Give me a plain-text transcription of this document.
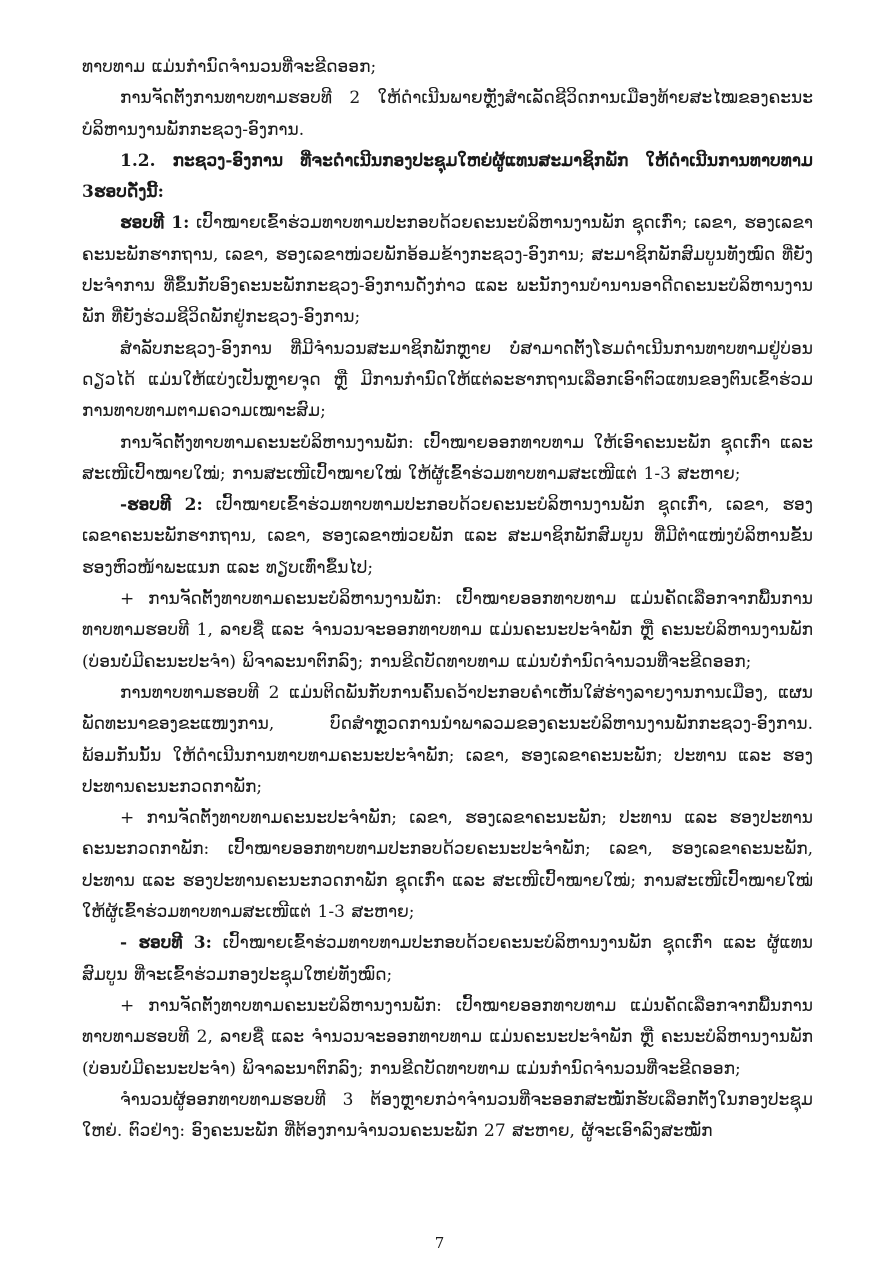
ທາບທາມ ແມ່ນກຳນົດຈຳນວນທີ່ຈະຂີດອອກ;

ການຈັດຕັ້ງການທາບທາມຮອບທີ 2 ໃຫ້ດຳເນີນພາຍຫຼັງສຳເລັດຊີວິດການເມືອງທ້າຍສະໄໝຂອງຄະນະບໍລິຫານງານພັກກະຊວງ-ອົງການ.

1.2. ກະຊວງ-ອົງການ ທີ່ຈະດຳເນີນກອງປະຊຸມໃຫຍ່ຜູ້ແທນສະມາຊິກພັກ ໃຫ້ດຳເນີນການທາບທາມ 3ຮອບດັ່ງນີ້:

ຮອບທີ 1: ເປົ້າໝາຍເຂົ້າຮ່ວມທາບທາມປະກອບດ້ວຍຄະນະບໍລິຫານງານພັກ ຊຸດເກົ່າ; ເລຂາ, ຮອງເລຂາຄະນະພັກຮາກຖານ, ເລຂາ, ຮອງເລຂາໜ່ວຍພັກອ້ອມຂ້າງກະຊວງ-ອົງການ; ສະມາຊິກພັກສົມບູນທັງໝົດ ທີ່ຍັງປະຈຳການ ທີ່ຂຶ້ນກັບອົງຄະນະພັກກະຊວງ-ອົງການດັ່ງກ່າວ ແລະ ພະນັກງານບຳນານອາດີດຄະນະບໍລິຫານງານພັກ ທີ່ຍັງຮ່ວມຊີວິດພັກຢູ່ກະຊວງ-ອົງການ;

ສຳລັບກະຊວງ-ອົງການ ທີ່ມີຈຳນວນສະມາຊິກພັກຫຼາຍ ບໍ່ສາມາດຕັ້ງໂຮມດຳເນີນການທາບທາມຢູ່ບ່ອນດຽວໄດ້ ແມ່ນໃຫ້ແບ່ງເປັນຫຼາຍຈຸດ ຫຼື ມີການກຳນົດໃຫ້ແຕ່ລະຮາກຖານເລືອກເອົາຕົວແທນຂອງຕົນເຂົ້າຮ່ວມການທາບທາມຕາມຄວາມເໝາະສົມ;

ການຈັດຕັ້ງທາບທາມຄະນະບໍລິຫານງານພັກ: ເປົ້າໝາຍອອກທາບທາມ ໃຫ້ເອົາຄະນະພັກ ຊຸດເກົ່າ ແລະ ສະເໜີເປົ້າໝາຍໃໝ່; ການສະເໜີເປົ້າໝາຍໃໝ່ ໃຫ້ຜູ້ເຂົ້າຮ່ວມທາບທາມສະເໜີແຕ່ 1-3 ສະຫາຍ;

-ຮອບທີ 2: ເປົ້າໝາຍເຂົ້າຮ່ວມທາບທາມປະກອບດ້ວຍຄະນະບໍລິຫານງານພັກ ຊຸດເກົ່າ, ເລຂາ, ຮອງເລຂາຄະນະພັກຮາກຖານ, ເລຂາ, ຮອງເລຂາໜ່ວຍພັກ ແລະ ສະມາຊິກພັກສົມບູນ ທີ່ມີຕຳແໜ່ງບໍລິຫານຂັ້ນຮອງຫົວໜ້າພະແນກ ແລະ ທຽບເທົ່າຂຶ້ນໄປ;

+ ການຈັດຕັ້ງທາບທາມຄະນະບໍລິຫານງານພັກ: ເປົ້າໝາຍອອກທາບທາມ ແມ່ນຄັດເລືອກຈາກພື້ນການທາບທາມຮອບທີ 1, ລາຍຊື່ ແລະ ຈຳນວນຈະອອກທາບທາມ ແມ່ນຄະນະປະຈຳພັກ ຫຼື ຄະນະບໍລິຫານງານພັກ (ບ່ອນບໍ່ມີຄະນະປະຈຳ) ພິຈາລະນາຕົກລົງ; ການຂີດບັດທາບທາມ ແມ່ນບໍ່ກຳນົດຈຳນວນທີ່ຈະຂີດອອກ;

ການທາບທາມຮອບທີ 2 ແມ່ນຕິດພັນກັບການຄົ້ນຄວ້າປະກອບຄຳເຫັນໃສ່ຮ່າງລາຍງານການເມືອງ, ແຜນພັດທະນາຂອງຂະແໜງການ, ບົດສຳຫຼວດການນຳພາລວມຂອງຄະນະບໍລິຫານງານພັກກະຊວງ-ອົງການ. ພ້ອມກັນນັ້ນ ໃຫ້ດຳເນີນການທາບທາມຄະນະປະຈຳພັກ; ເລຂາ, ຮອງເລຂາຄະນະພັກ; ປະທານ ແລະ ຮອງປະທານຄະນະກວດກາພັກ;

+ ການຈັດຕັ້ງທາບທາມຄະນະປະຈຳພັກ; ເລຂາ, ຮອງເລຂາຄະນະພັກ; ປະທານ ແລະ ຮອງປະທານຄະນະກວດກາພັກ: ເປົ້າໝາຍອອກທາບທາມປະກອບດ້ວຍຄະນະປະຈຳພັກ; ເລຂາ, ຮອງເລຂາຄະນະພັກ, ປະທານ ແລະ ຮອງປະທານຄະນະກວດກາພັກ ຊຸດເກົ່າ ແລະ ສະເໜີເປົ້າໝາຍໃໝ່; ການສະເໜີເປົ້າໝາຍໃໝ່ ໃຫ້ຜູ້ເຂົ້າຮ່ວມທາບທາມສະເໜີແຕ່ 1-3 ສະຫາຍ;

- ຮອບທີ 3: ເປົ້າໝາຍເຂົ້າຮ່ວມທາບທາມປະກອບດ້ວຍຄະນະບໍລິຫານງານພັກ ຊຸດເກົ່າ ແລະ ຜູ້ແທນສົມບູນ ທີ່ຈະເຂົ້າຮ່ວມກອງປະຊຸມໃຫຍ່ທັງໝົດ;

+ ການຈັດຕັ້ງທາບທາມຄະນະບໍລິຫານງານພັກ: ເປົ້າໝາຍອອກທາບທາມ ແມ່ນຄັດເລືອກຈາກພື້ນການທາບທາມຮອບທີ 2, ລາຍຊື່ ແລະ ຈຳນວນຈະອອກທາບທາມ ແມ່ນຄະນະປະຈຳພັກ ຫຼື ຄະນະບໍລິຫານງານພັກ (ບ່ອນບໍ່ມີຄະນະປະຈຳ) ພິຈາລະນາຕົກລົງ; ການຂີດບັດທາບທາມ ແມ່ນກຳນົດຈຳນວນທີ່ຈະຂີດອອກ;

ຈຳນວນຜູ້ອອກທາບທາມຮອບທີ 3 ຕ້ອງຫຼາຍກວ່າຈຳນວນທີ່ຈະອອກສະໝັກຮັບເລືອກຕັ້ງໃນກອງປະຊຸມໃຫຍ່. ຕົວຢ່າງ: ອົງຄະນະພັກ ທີ່ຕ້ອງການຈຳນວນຄະນະພັກ 27 ສະຫາຍ, ຜູ້ຈະເອົາລົງສະໝັກ

7
